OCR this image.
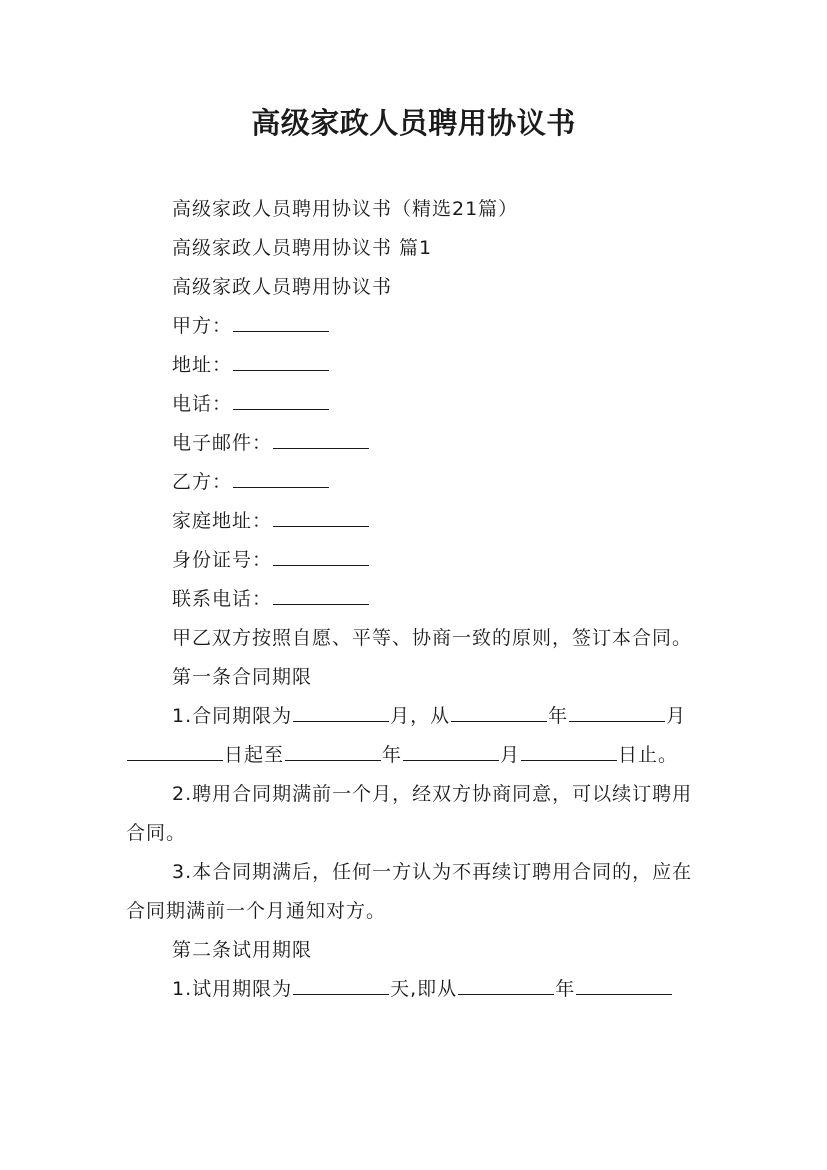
高级家政人员聘用协议书

高级家政人员聘用协议书（精选21篇）

高级家政人员聘用协议书 篇1

高级家政人员聘用协议书

甲方：

地址：

电话：

电子邮件：

乙方：

家庭地址：

身份证号：

联系电话：

甲乙双方按照自愿、平等、协商一致的原则，签订本合同。

第一条合同期限

1.合同期限为	月，从	年	月日起至	年	月	日止。

2.聘用合同期满前一个月，经双方协商同意，可以续订聘用合同。

3.本合同期满后，任何一方认为不再续订聘用合同的，应在合同期满前一个月通知对方。

第二条试用期限

1.试用期限为	天,即从	年
